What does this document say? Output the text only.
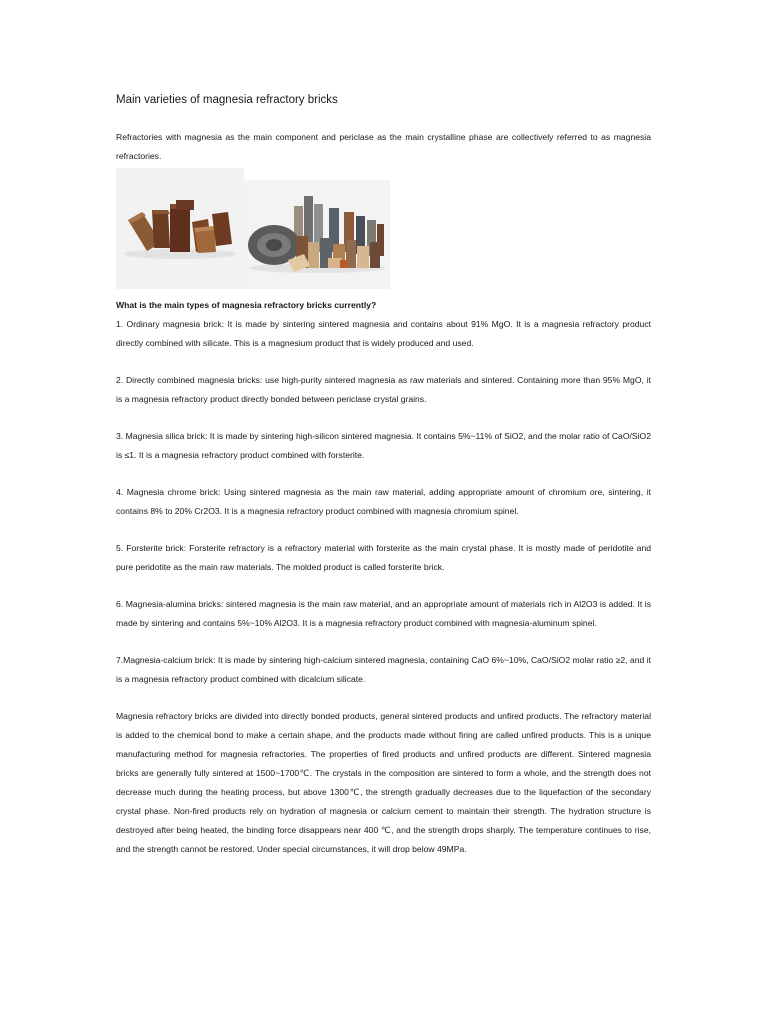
Main varieties of magnesia refractory bricks

Refractories with magnesia as the main component and periclase as the main crystalline phase are collectively referred to as magnesia refractories.

What is the main types of magnesia refractory bricks currently?

1. Ordinary magnesia brick: It is made by sintering sintered magnesia and contains about 91% MgO. It is a magnesia refractory product directly combined with silicate. This is a magnesium product that is widely produced and used.

2. Directly combined magnesia bricks: use high-purity sintered magnesia as raw materials and sintered. Containing more than 95% MgO, it is a magnesia refractory product directly bonded between periclase crystal grains.

3. Magnesia silica brick: It is made by sintering high-silicon sintered magnesia. It contains 5%~11% of SiO2, and the molar ratio of CaO/SiO2 is ≤1. It is a magnesia refractory product combined with forsterite.

4. Magnesia chrome brick: Using sintered magnesia as the main raw material, adding appropriate amount of chromium ore, sintering, it contains 8% to 20% Cr2O3. It is a magnesia refractory product combined with magnesia chromium spinel.

5. Forsterite brick: Forsterite refractory is a refractory material with forsterite as the main crystal phase. It is mostly made of peridotite and pure peridotite as the main raw materials. The molded product is called forsterite brick.

6. Magnesia-alumina bricks: sintered magnesia is the main raw material, and an appropriate amount of materials rich in Al2O3 is added. It is made by sintering and contains 5%~10% Al2O3. It is a magnesia refractory product combined with magnesia-aluminum spinel.

7.Magnesia-calcium brick: It is made by sintering high-calcium sintered magnesia, containing CaO 6%~10%, CaO/SiO2 molar ratio ≥2, and it is a magnesia refractory product combined with dicalcium silicate.

Magnesia refractory bricks are divided into directly bonded products, general sintered products and unfired products. The refractory material is added to the chemical bond to make a certain shape, and the products made without firing are called unfired products. This is a unique manufacturing method for magnesia refractories. The properties of fired products and unfired products are different. Sintered magnesia bricks are generally fully sintered at 1500~1700℃. The crystals in the composition are sintered to form a whole, and the strength does not decrease much during the heating process, but above 1300℃, the strength gradually decreases due to the liquefaction of the secondary crystal phase. Non-fired products rely on hydration of magnesia or calcium cement to maintain their strength. The hydration structure is destroyed after being heated, the binding force disappears near 400 ℃, and the strength drops sharply. The temperature continues to rise, and the strength cannot be restored. Under special circumstances, it will drop below 49MPa.
